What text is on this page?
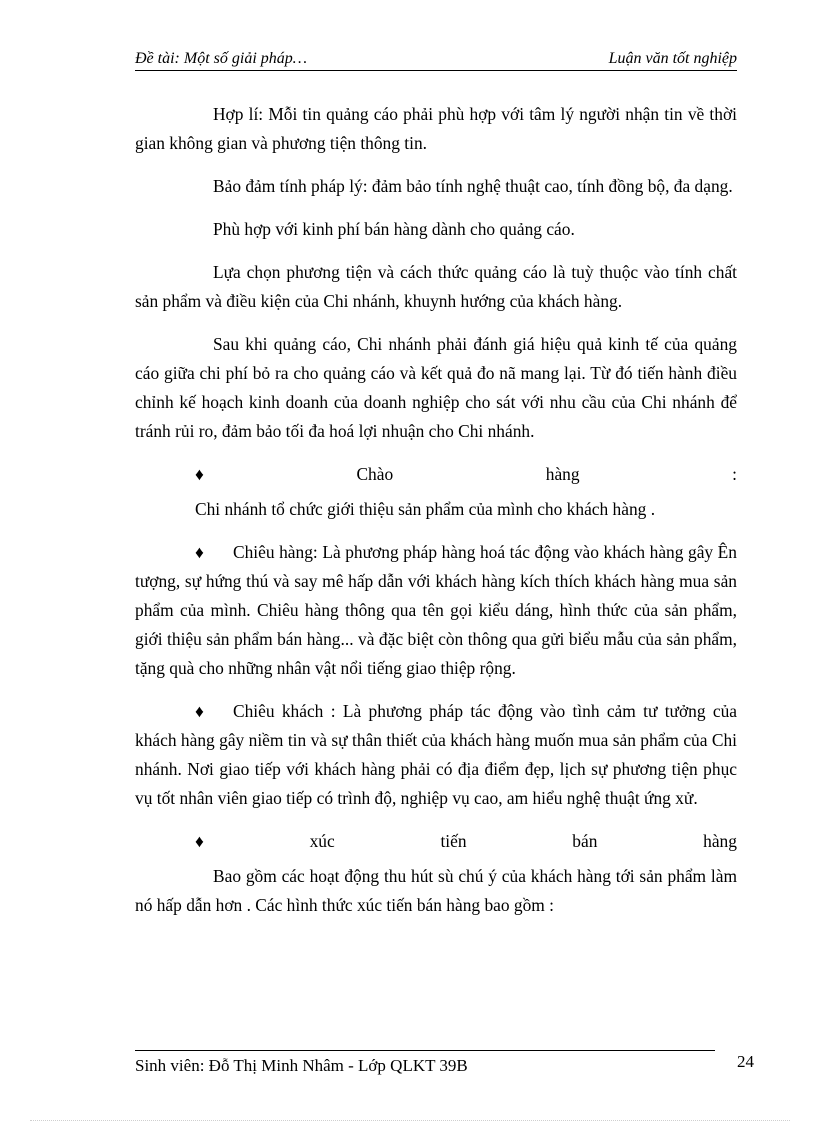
Đề tài: Một số giải pháp…	Luận văn tốt nghiệp

Hợp lí: Mỗi tin quảng cáo phải phù hợp với tâm lý người nhận tin về thời gian không gian và phương tiện thông tin.

Bảo đảm tính pháp lý: đảm bảo tính nghệ thuật cao, tính đồng bộ, đa dạng.

Phù hợp với kinh phí bán hàng dành cho quảng cáo.

Lựa chọn phương tiện và cách thức quảng cáo là tuỳ thuộc vào tính chất sản phẩm và điều kiện của Chi nhánh, khuynh hướng của khách hàng.

Sau khi quảng cáo, Chi nhánh phải đánh giá hiệu quả kinh tế của quảng cáo giữa chi phí bỏ ra cho quảng cáo và kết quả đo nã mang lại. Từ đó tiến hành điều chỉnh kế hoạch kinh doanh của doanh nghiệp cho sát với nhu cầu của Chi nhánh để tránh rủi ro, đảm bảo tối đa hoá lợi nhuận cho Chi nhánh.

♦	Chào	hàng	:

Chi nhánh tổ chức giới thiệu sản phẩm của mình cho khách hàng .

♦ Chiêu hàng: Là phương pháp hàng hoá tác động vào khách hàng gây Ên tượng, sự hứng thú và say mê hấp dẫn với khách hàng kích thích khách hàng mua sản phẩm của mình. Chiêu hàng thông qua tên gọi kiểu dáng, hình thức của sản phẩm, giới thiệu sản phẩm bán hàng... và đặc biệt còn thông qua gửi biểu mẫu của sản phẩm, tặng quà cho những nhân vật nổi tiếng giao thiệp rộng.

♦ Chiêu khách : Là phương pháp tác động vào tình cảm tư tưởng của khách hàng gây niềm tin và sự thân thiết của khách hàng muốn mua sản phẩm của Chi nhánh. Nơi giao tiếp với khách hàng phải có địa điểm đẹp, lịch sự phương tiện phục vụ tốt nhân viên giao tiếp có trình độ, nghiệp vụ cao, am hiểu nghệ thuật ứng xử.

♦	xúc	tiến	bán	hàng

Bao gồm các hoạt động thu hút sù chú ý của khách hàng tới sản phẩm làm nó hấp dẫn hơn . Các hình thức xúc tiến bán hàng bao gồm :

Sinh viên: Đỗ Thị Minh Nhâm - Lớp QLKT 39B	24
